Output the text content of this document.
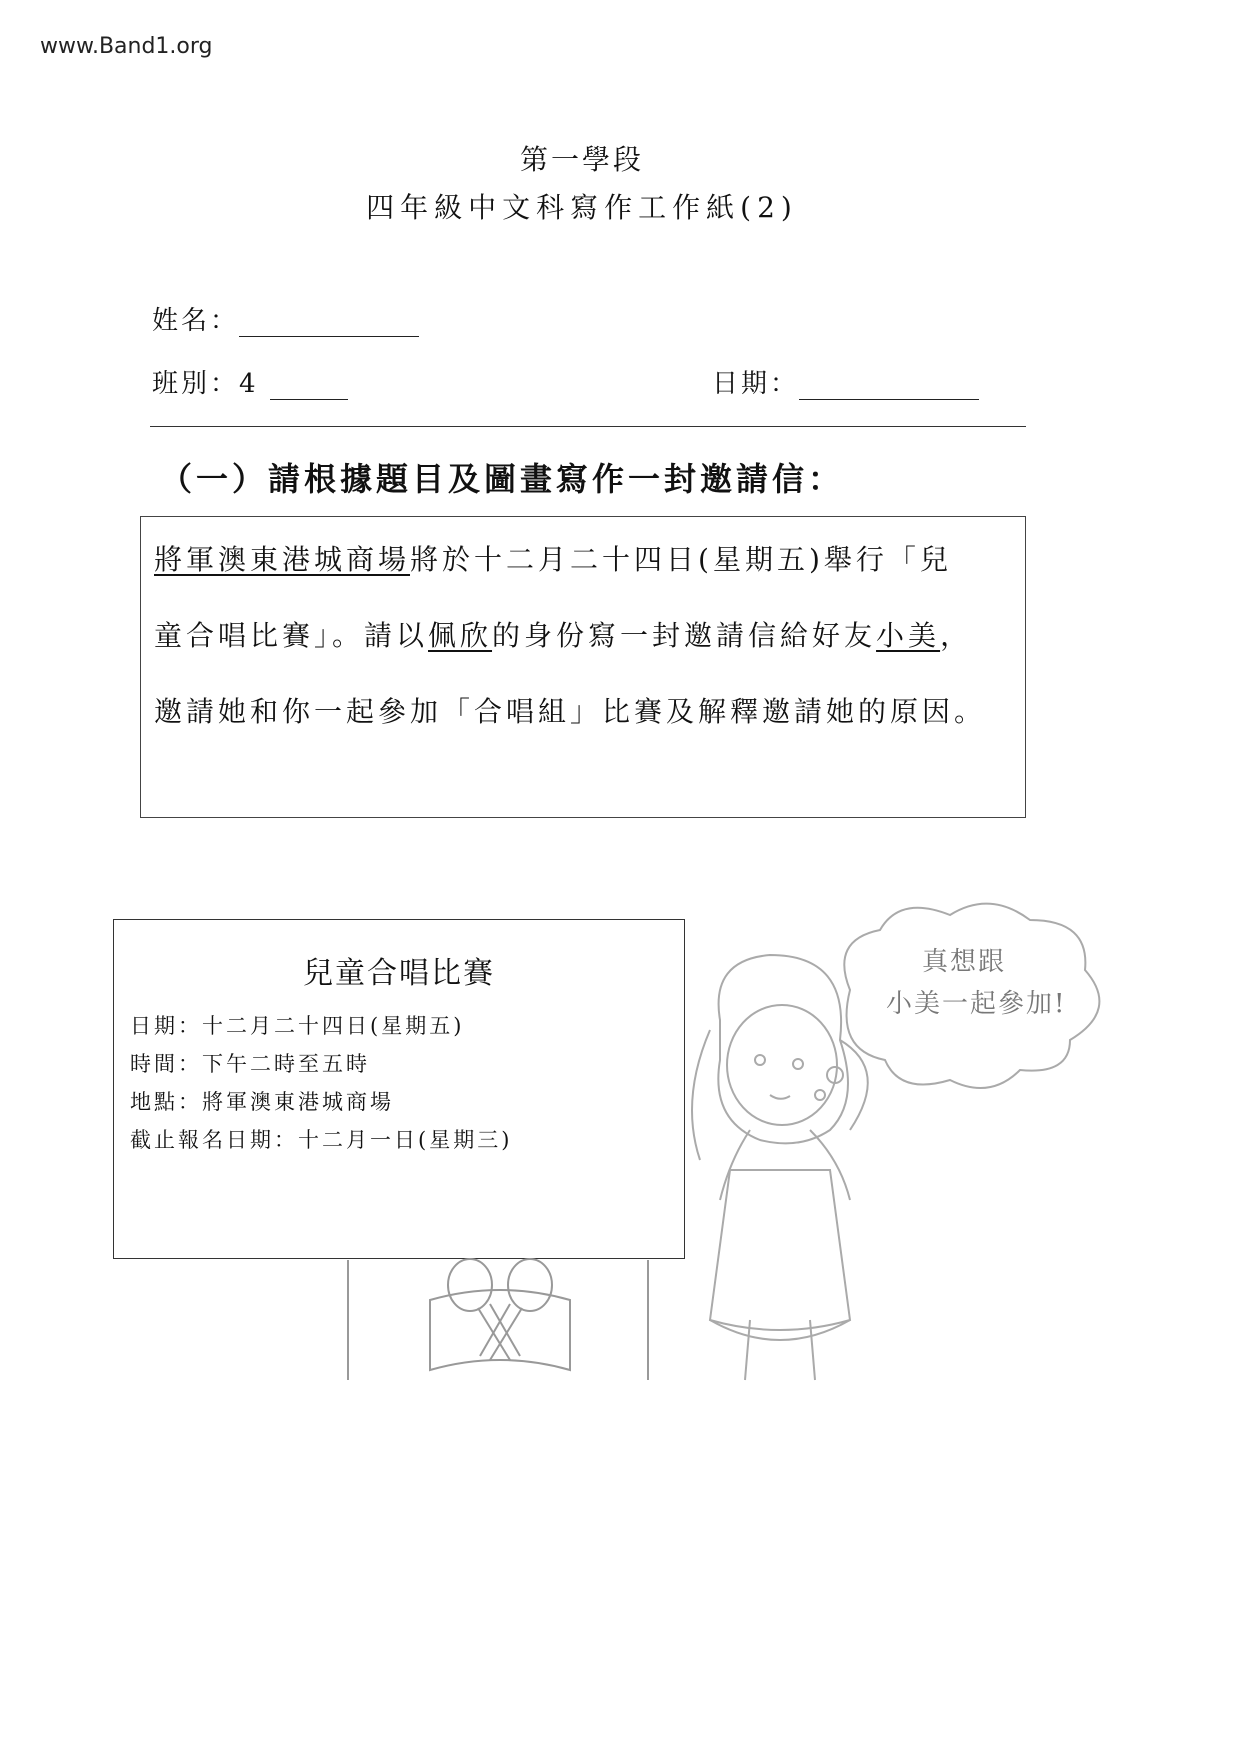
www.Band1.org
第一學段
四年級中文科寫作工作紙(2)
姓名：
班別：4	日期：
（一）請根據題目及圖畫寫作一封邀請信：
將軍澳東港城商場將於十二月二十四日(星期五)舉行「兒
童合唱比賽」。請以佩欣的身份寫一封邀請信給好友小美，
邀請她和你一起參加「合唱組」比賽及解釋邀請她的原因。
兒童合唱比賽
日期：十二月二十四日(星期五)
時間：下午二時至五時
地點：將軍澳東港城商場
截止報名日期：十二月一日(星期三)
真想跟
小美一起參加!
